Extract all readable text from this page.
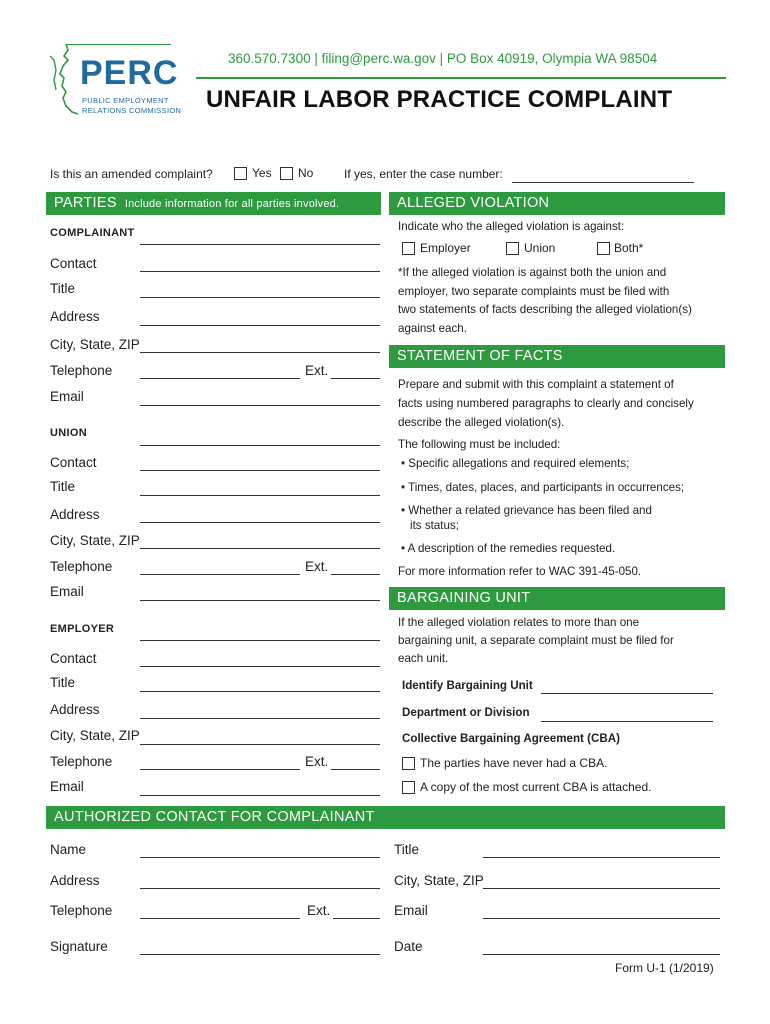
PERC
PUBLIC EMPLOYMENT
RELATIONS COMMISSION
360.570.7300 | filing@perc.wa.gov | PO Box 40919, Olympia WA 98504
UNFAIR LABOR PRACTICE COMPLAINT
Is this an amended complaint?	Yes No	If yes, enter the case number:
PARTIES Include information for all parties involved.
COMPLAINANT
Contact
Title
Address
City, State, ZIP
Telephone	Ext.
Email
UNION
Contact
Title
Address
City, State, ZIP
Telephone	Ext.
Email
EMPLOYER
Contact
Title
Address
City, State, ZIP
Telephone	Ext.
Email
ALLEGED VIOLATION
Indicate who the alleged violation is against:
Employer	Union	Both*
*If the alleged violation is against both the union and
employer, two separate complaints must be filed with
two statements of facts describing the alleged violation(s)
against each.
STATEMENT OF FACTS
Prepare and submit with this complaint a statement of
facts using numbered paragraphs to clearly and concisely
describe the alleged violation(s).
The following must be included:
• Specific allegations and required elements;
• Times, dates, places, and participants in occurrences;
• Whether a related grievance has been filed and
its status;
• A description of the remedies requested.
For more information refer to WAC 391-45-050.
BARGAINING UNIT
If the alleged violation relates to more than one
bargaining unit, a separate complaint must be filed for
each unit.
Identify Bargaining Unit
Department or Division
Collective Bargaining Agreement (CBA)
The parties have never had a CBA.
A copy of the most current CBA is attached.
AUTHORIZED CONTACT FOR COMPLAINANT
Name	Title
Address	City, State, ZIP
Telephone	Ext.	Email
Signature	Date
Form U-1 (1/2019)
